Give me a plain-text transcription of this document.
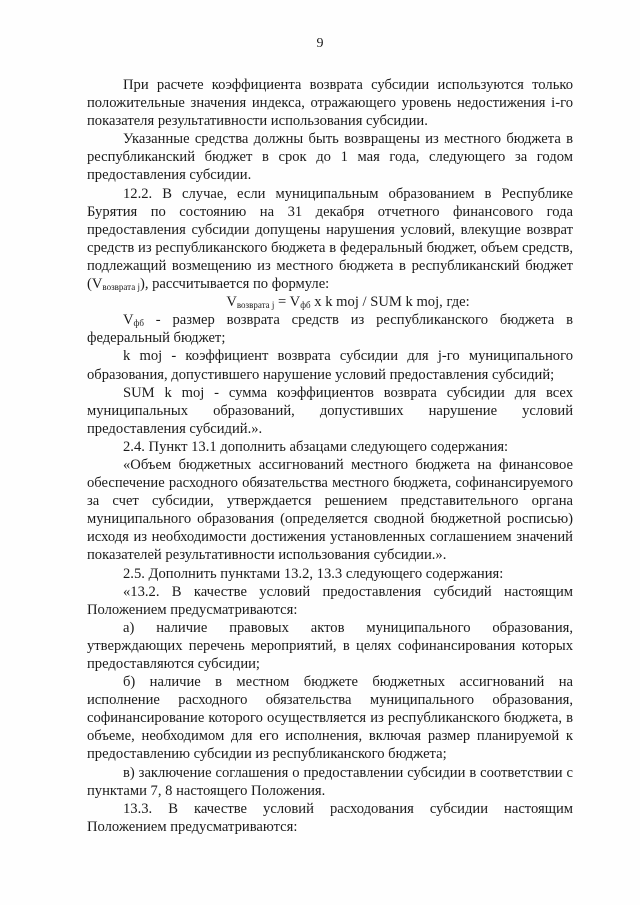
9

При расчете коэффициента возврата субсидии используются только положительные значения индекса, отражающего уровень недостижения i-го показателя результативности использования субсидии.

Указанные средства должны быть возвращены из местного бюджета в республиканский бюджет в срок до 1 мая года, следующего за годом предоставления субсидии.

12.2. В случае, если муниципальным образованием в Республике Бурятия по состоянию на 31 декабря отчетного финансового года предоставления субсидии допущены нарушения условий, влекущие возврат средств из республиканского бюджета в федеральный бюджет, объем средств, подлежащий возмещению из местного бюджета в республиканский бюджет $(V_{возврата j})$, рассчитывается по формуле:

$V_{возврата j} = V_{фб}$ x k moj / SUM k moj, где:

$V_{фб}$ - размер возврата средств из республиканского бюджета в федеральный бюджет;

k moj - коэффициент возврата субсидии для j-го муниципального образования, допустившего нарушение условий предоставления субсидий;

SUM k moj - сумма коэффициентов возврата субсидии для всех муниципальных образований, допустивших нарушение условий предоставления субсидий.».

2.4. Пункт 13.1 дополнить абзацами следующего содержания:

«Объем бюджетных ассигнований местного бюджета на финансовое обеспечение расходного обязательства местного бюджета, софинансируемого за счет субсидии, утверждается решением представительного органа муниципального образования (определяется сводной бюджетной росписью) исходя из необходимости достижения установленных соглашением значений показателей результативности использования субсидии.».

2.5. Дополнить пунктами 13.2, 13.3 следующего содержания:

«13.2. В качестве условий предоставления субсидий настоящим Положением предусматриваются:

а) наличие правовых актов муниципального образования, утверждающих перечень мероприятий, в целях софинансирования которых предоставляются субсидии;

б) наличие в местном бюджете бюджетных ассигнований на исполнение расходного обязательства муниципального образования, софинансирование которого осуществляется из республиканского бюджета, в объеме, необходимом для его исполнения, включая размер планируемой к предоставлению субсидии из республиканского бюджета;

в) заключение соглашения о предоставлении субсидии в соответствии с пунктами 7, 8 настоящего Положения.

13.3. В качестве условий расходования субсидии настоящим Положением предусматриваются:
